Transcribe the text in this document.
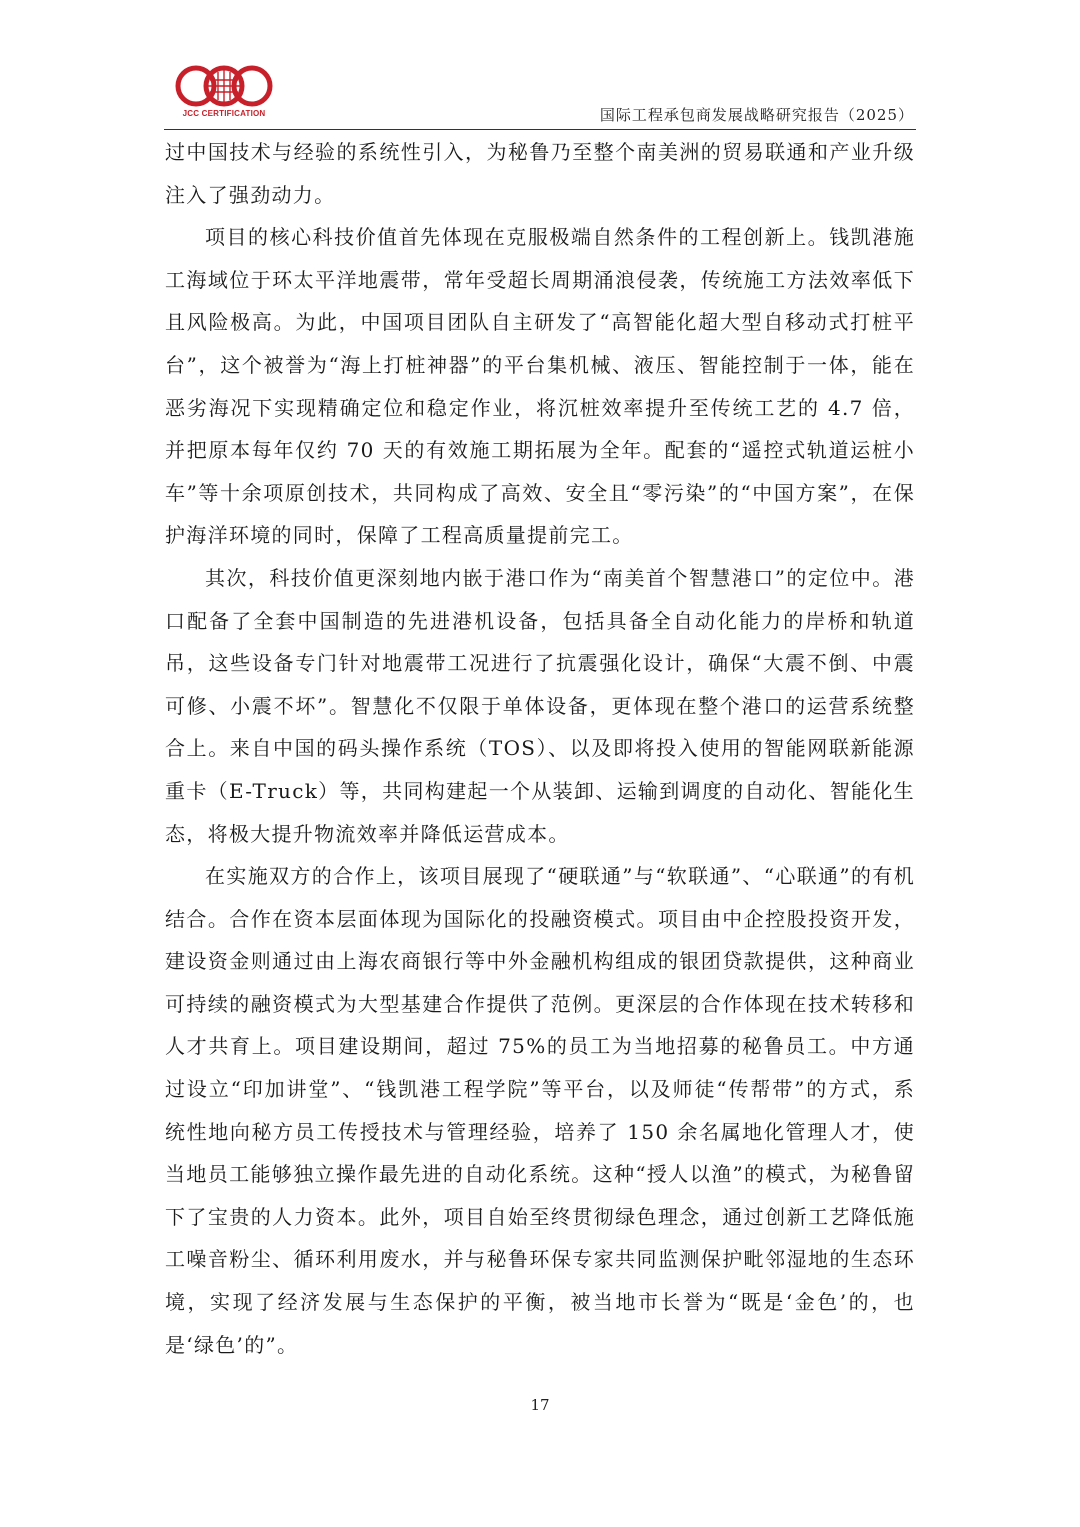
JCC CERTIFICATION	国际工程承包商发展战略研究报告（2025）

过中国技术与经验的系统性引入，为秘鲁乃至整个南美洲的贸易联通和产业升级注入了强劲动力。

项目的核心科技价值首先体现在克服极端自然条件的工程创新上。钱凯港施工海域位于环太平洋地震带，常年受超长周期涌浪侵袭，传统施工方法效率低下且风险极高。为此，中国项目团队自主研发了“高智能化超大型自移动式打桩平台”，这个被誉为“海上打桩神器”的平台集机械、液压、智能控制于一体，能在恶劣海况下实现精确定位和稳定作业，将沉桩效率提升至传统工艺的 4.7 倍，并把原本每年仅约 70 天的有效施工期拓展为全年。配套的“遥控式轨道运桩小车”等十余项原创技术，共同构成了高效、安全且“零污染”的“中国方案”，在保护海洋环境的同时，保障了工程高质量提前完工。

其次，科技价值更深刻地内嵌于港口作为“南美首个智慧港口”的定位中。港口配备了全套中国制造的先进港机设备，包括具备全自动化能力的岸桥和轨道吊，这些设备专门针对地震带工况进行了抗震强化设计，确保“大震不倒、中震可修、小震不坏”。智慧化不仅限于单体设备，更体现在整个港口的运营系统整合上。来自中国的码头操作系统（TOS）、以及即将投入使用的智能网联新能源重卡（E-Truck）等，共同构建起一个从装卸、运输到调度的自动化、智能化生态，将极大提升物流效率并降低运营成本。

在实施双方的合作上，该项目展现了“硬联通”与“软联通”、“心联通”的有机结合。合作在资本层面体现为国际化的投融资模式。项目由中企控股投资开发，建设资金则通过由上海农商银行等中外金融机构组成的银团贷款提供，这种商业可持续的融资模式为大型基建合作提供了范例。更深层的合作体现在技术转移和人才共育上。项目建设期间，超过 75%的员工为当地招募的秘鲁员工。中方通过设立“印加讲堂”、“钱凯港工程学院”等平台，以及师徒“传帮带”的方式，系统性地向秘方员工传授技术与管理经验，培养了 150 余名属地化管理人才，使当地员工能够独立操作最先进的自动化系统。这种“授人以渔”的模式，为秘鲁留下了宝贵的人力资本。此外，项目自始至终贯彻绿色理念，通过创新工艺降低施工噪音粉尘、循环利用废水，并与秘鲁环保专家共同监测保护毗邻湿地的生态环境，实现了经济发展与生态保护的平衡，被当地市长誉为“既是‘金色’的，也是‘绿色’的”。

17
